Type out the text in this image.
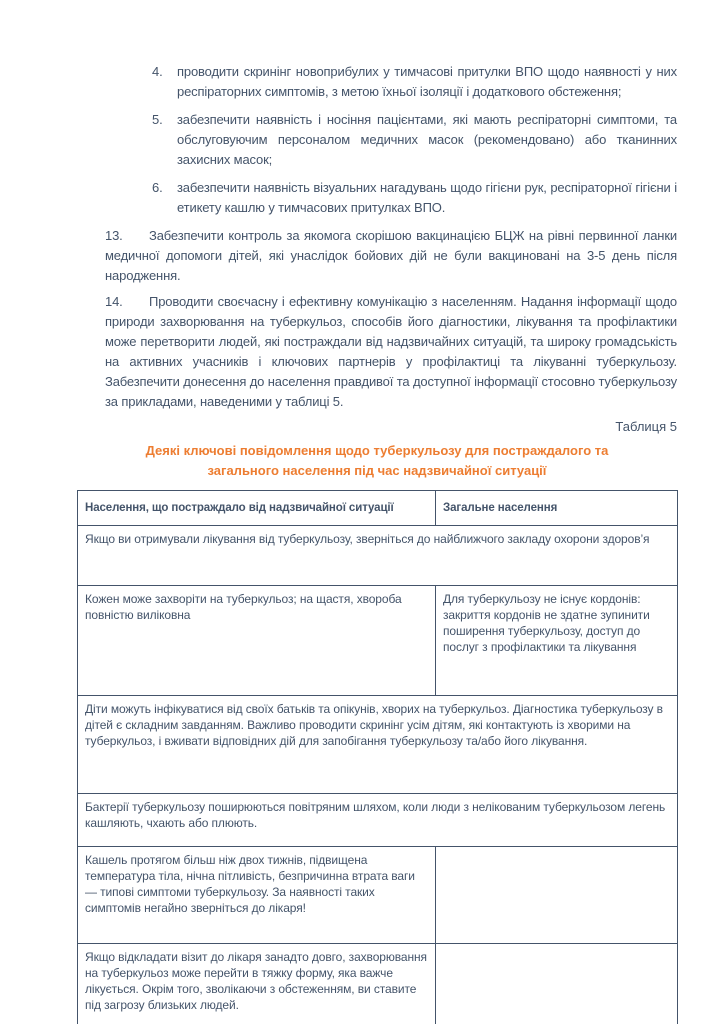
4. проводити скринінг новоприбулих у тимчасові притулки ВПО щодо наявності у них респіраторних симптомів, з метою їхньої ізоляції і додаткового обстеження;
5. забезпечити наявність і носіння пацієнтами, які мають респіраторні симптоми, та обслуговуючим персоналом медичних масок (рекомендовано) або тканинних захисних масок;
6. забезпечити наявність візуальних нагадувань щодо гігієни рук, респіраторної гігієни і етикету кашлю у тимчасових притулках ВПО.
13. Забезпечити контроль за якомога скорішою вакцинацією БЦЖ на рівні первинної ланки медичної допомоги дітей, які унаслідок бойових дій не були вакциновані на 3-5 день після народження.
14. Проводити своєчасну і ефективну комунікацію з населенням. Надання інформації щодо природи захворювання на туберкульоз, способів його діагностики, лікування та профілактики може перетворити людей, які постраждали від надзвичайних ситуацій, та широку громадськість на активних учасників і ключових партнерів у профілактиці та лікуванні туберкульозу. Забезпечити донесення до населення правдивої та доступної інформації стосовно туберкульозу за прикладами, наведеними у таблиці 5.
Таблиця 5
Деякі ключові повідомлення щодо туберкульозу для постраждалого та загального населення під час надзвичайної ситуації
Населення, що постраждало від надзвичайної ситуації	Загальне населення
Якщо ви отримували лікування від туберкульозу, зверніться до найближчого закладу охорони здоров’я	
Кожен може захворіти на туберкульоз; на щастя, хвороба повністю виліковна	Для туберкульозу не існує кордонів: закриття кордонів не здатне зупинити поширення туберкульозу, доступ до послуг з профілактики та лікування
Діти можуть інфікуватися від своїх батьків та опікунів, хворих на туберкульоз. Діагностика туберкульозу в дітей є складним завданням. Важливо проводити скринінг усім дітям, які контактують із хворими на туберкульоз, і вживати відповідних дій для запобігання туберкульозу та/або його лікування.	
Бактерії туберкульозу поширюються повітряним шляхом, коли люди з нелікованим туберкульозом легень кашляють, чхають або плюють.	
Кашель протягом більш ніж двох тижнів, підвищена температура тіла, нічна пітливість, безпричинна втрата ваги — типові симптоми туберкульозу. За наявності таких симптомів негайно зверніться до лікаря!	
Якщо відкладати візит до лікаря занадто довго, захворювання на туберкульоз може перейти в тяжку форму, яка важче лікується. Окрім того, зволікаючи з обстеженням, ви ставите під загрозу близьких людей.	
